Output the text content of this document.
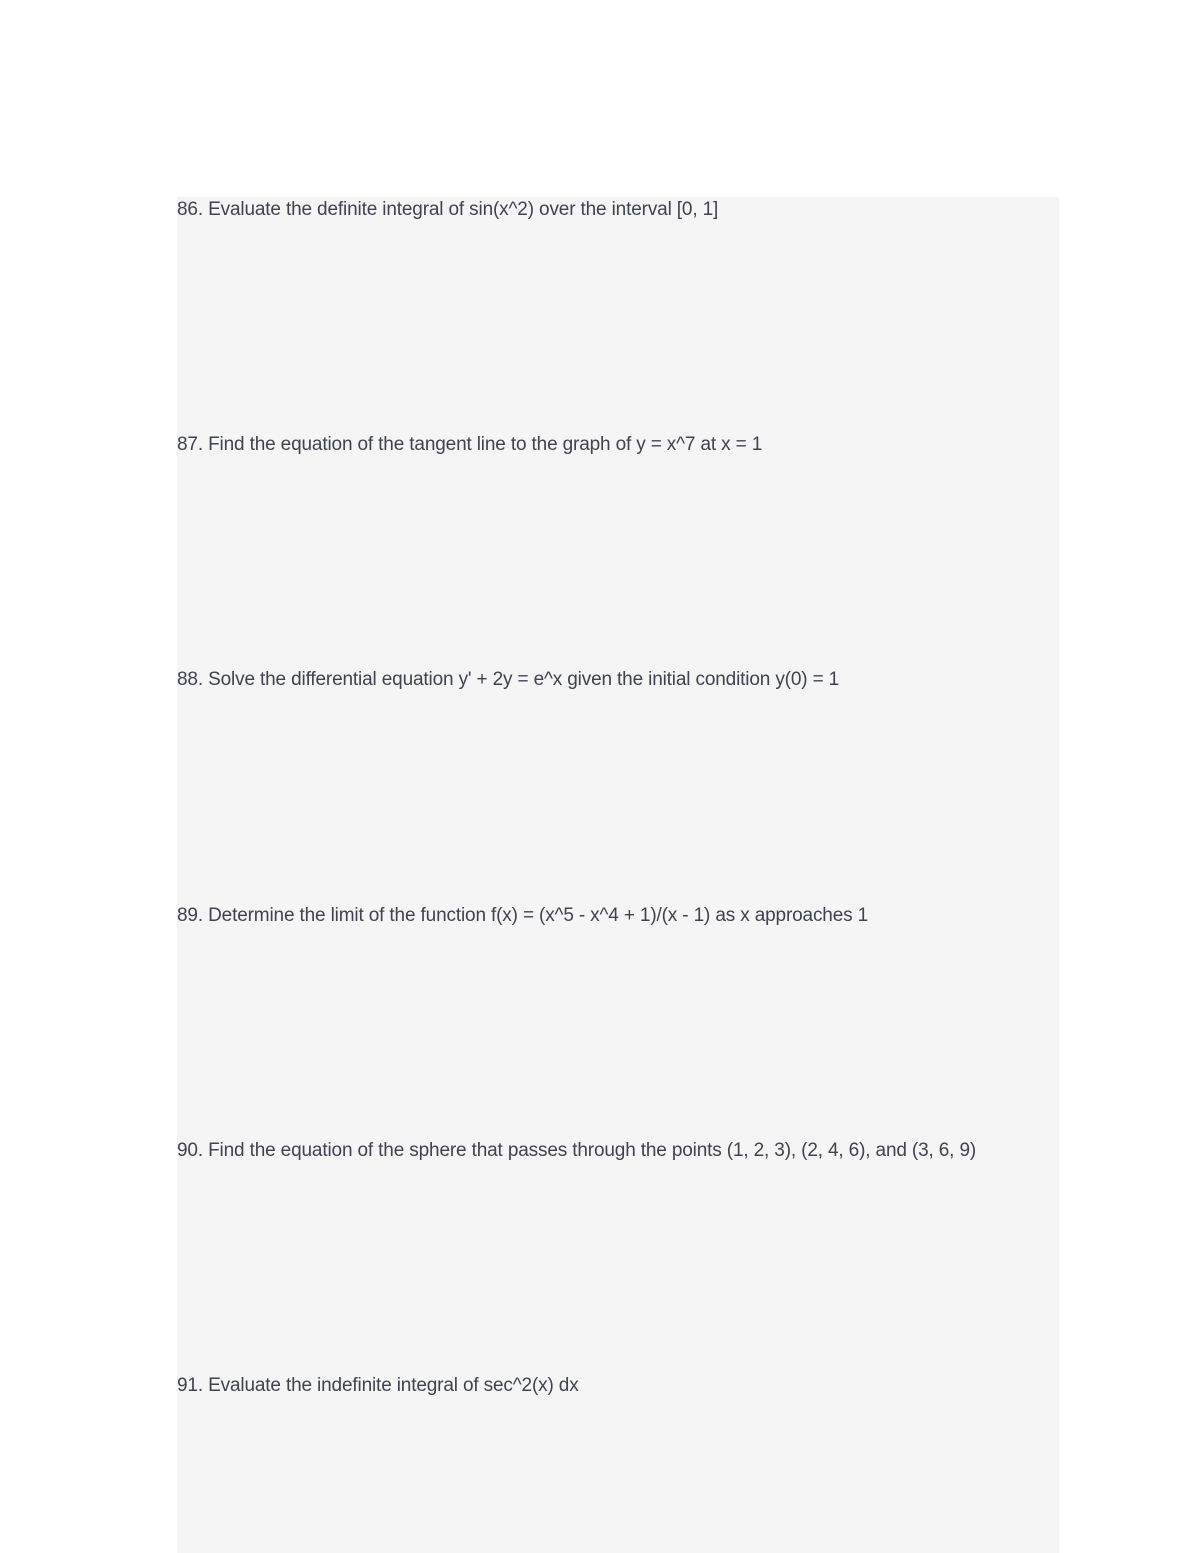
86. Evaluate the definite integral of sin(x^2) over the interval [0, 1]

87. Find the equation of the tangent line to the graph of y = x^7 at x = 1

88. Solve the differential equation y' + 2y = e^x given the initial condition y(0) = 1

89. Determine the limit of the function f(x) = (x^5 - x^4 + 1)/(x - 1) as x approaches 1

90. Find the equation of the sphere that passes through the points (1, 2, 3), (2, 4, 6), and (3, 6, 9)

91. Evaluate the indefinite integral of sec^2(x) dx
